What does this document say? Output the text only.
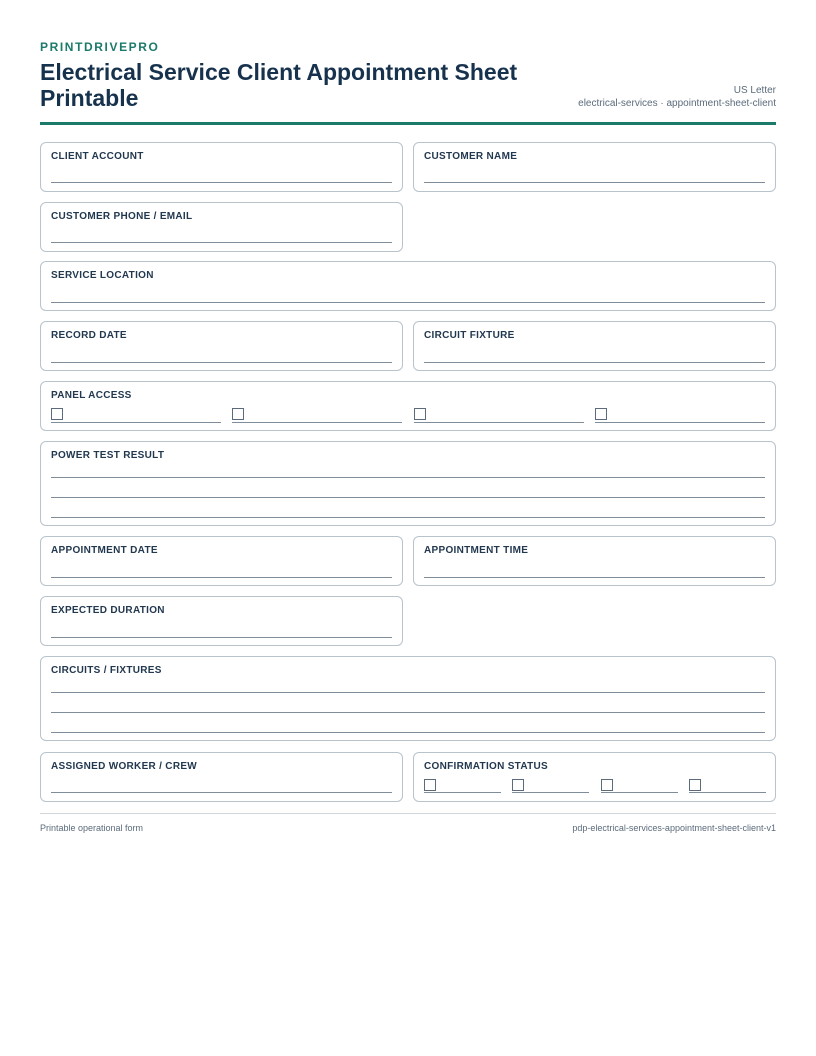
PRINTDRIVEPRO
Electrical Service Client Appointment Sheet Printable	US Letter
electrical-services · appointment-sheet-client
CLIENT ACCOUNT	CUSTOMER NAME
CUSTOMER PHONE / EMAIL
SERVICE LOCATION
RECORD DATE	CIRCUIT FIXTURE
PANEL ACCESS
POWER TEST RESULT
APPOINTMENT DATE	APPOINTMENT TIME
EXPECTED DURATION
CIRCUITS / FIXTURES
ASSIGNED WORKER / CREW	CONFIRMATION STATUS
Printable operational form	pdp-electrical-services-appointment-sheet-client-v1
